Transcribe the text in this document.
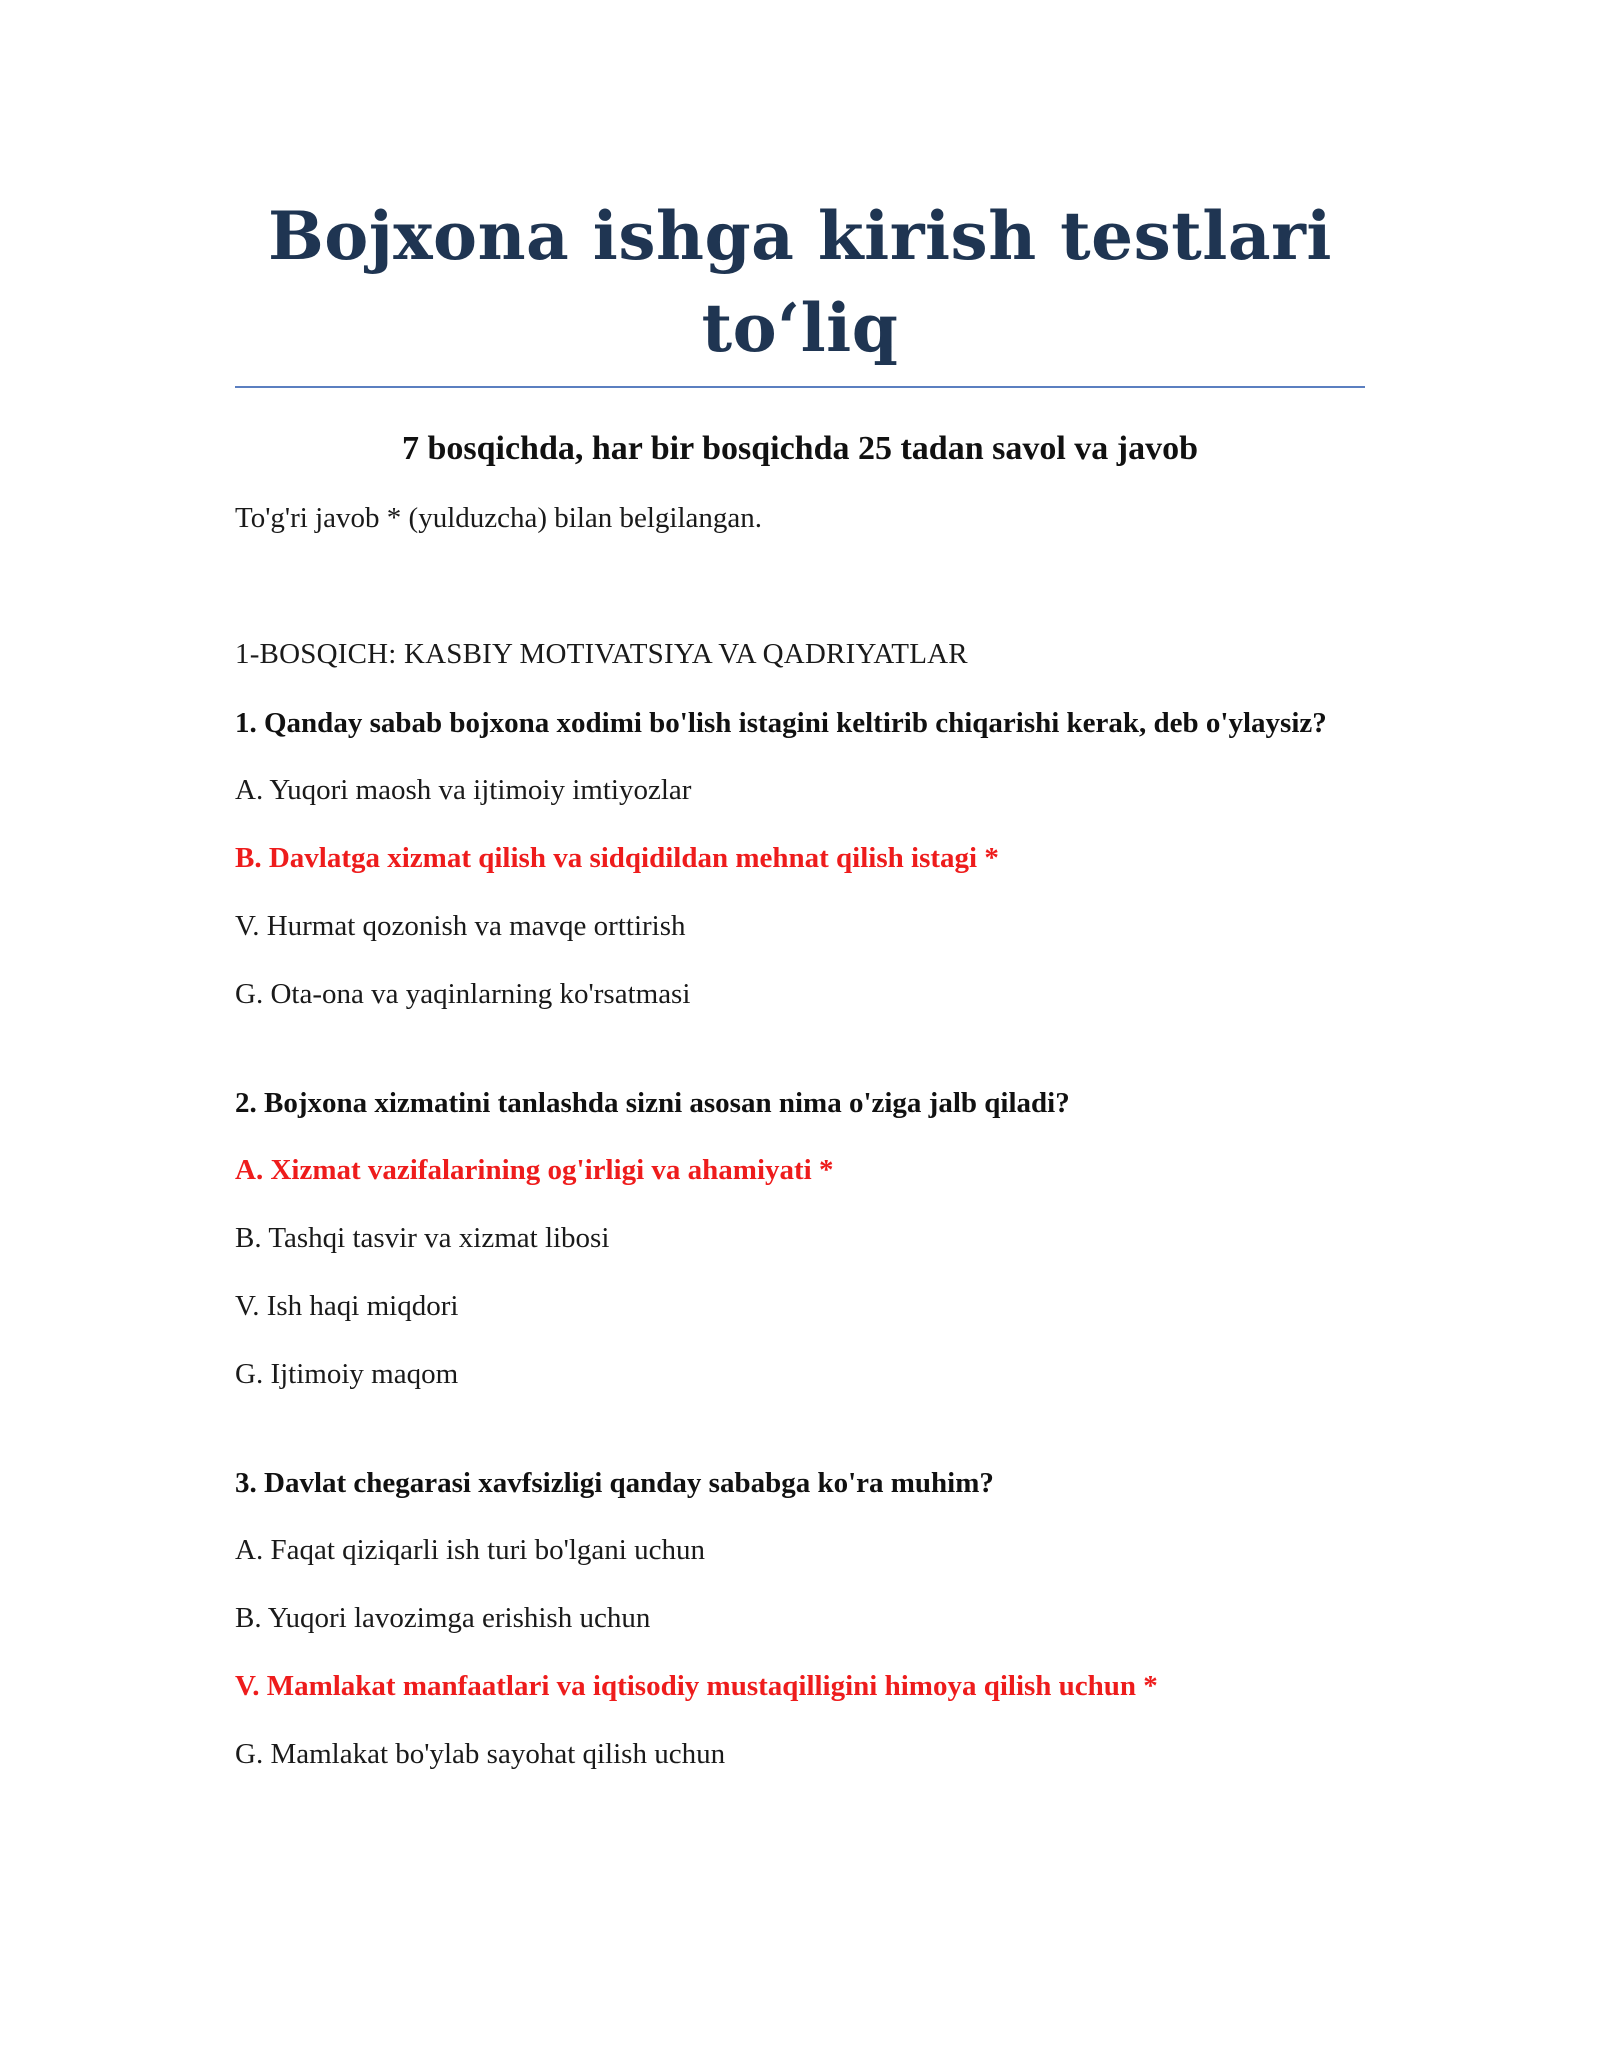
Bojxona ishga kirish testlari
to‘liq

7 bosqichda, har bir bosqichda 25 tadan savol va javob

To'g'ri javob * (yulduzcha) bilan belgilangan.

1-BOSQICH: KASBIY MOTIVATSIYA VA QADRIYATLAR

1. Qanday sabab bojxona xodimi bo'lish istagini keltirib chiqarishi kerak, deb o'ylaysiz?

A. Yuqori maosh va ijtimoiy imtiyozlar
B. Davlatga xizmat qilish va sidqidildan mehnat qilish istagi *
V. Hurmat qozonish va mavqe orttirish
G. Ota-ona va yaqinlarning ko'rsatmasi

2. Bojxona xizmatini tanlashda sizni asosan nima o'ziga jalb qiladi?

A. Xizmat vazifalarining og'irligi va ahamiyati *
B. Tashqi tasvir va xizmat libosi
V. Ish haqi miqdori
G. Ijtimoiy maqom

3. Davlat chegarasi xavfsizligi qanday sababga ko'ra muhim?

A. Faqat qiziqarli ish turi bo'lgani uchun
B. Yuqori lavozimga erishish uchun
V. Mamlakat manfaatlari va iqtisodiy mustaqilligini himoya qilish uchun *
G. Mamlakat bo'ylab sayohat qilish uchun
